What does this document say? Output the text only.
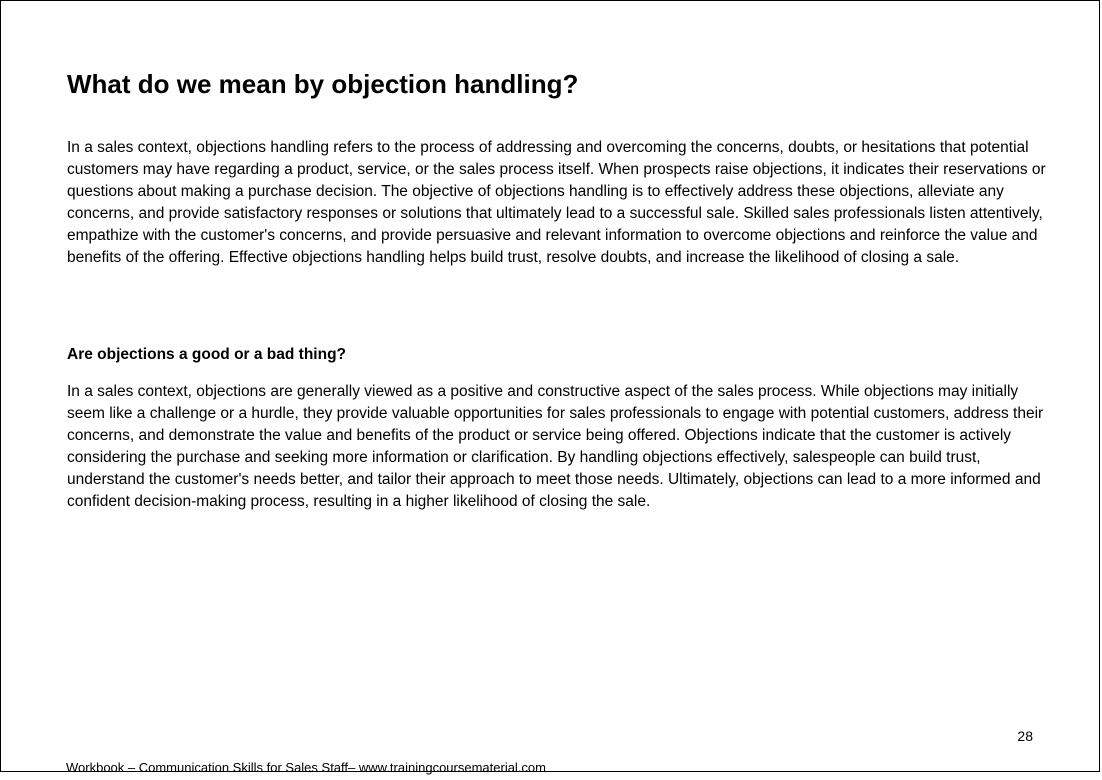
What do we mean by objection handling?

In a sales context, objections handling refers to the process of addressing and overcoming the concerns, doubts, or hesitations that potential customers may have regarding a product, service, or the sales process itself. When prospects raise objections, it indicates their reservations or questions about making a purchase decision. The objective of objections handling is to effectively address these objections, alleviate any concerns, and provide satisfactory responses or solutions that ultimately lead to a successful sale. Skilled sales professionals listen attentively, empathize with the customer's concerns, and provide persuasive and relevant information to overcome objections and reinforce the value and benefits of the offering. Effective objections handling helps build trust, resolve doubts, and increase the likelihood of closing a sale.

Are objections a good or a bad thing?

In a sales context, objections are generally viewed as a positive and constructive aspect of the sales process. While objections may initially seem like a challenge or a hurdle, they provide valuable opportunities for sales professionals to engage with potential customers, address their concerns, and demonstrate the value and benefits of the product or service being offered. Objections indicate that the customer is actively considering the purchase and seeking more information or clarification. By handling objections effectively, salespeople can build trust, understand the customer's needs better, and tailor their approach to meet those needs. Ultimately, objections can lead to a more informed and confident decision-making process, resulting in a higher likelihood of closing the sale.

28
Workbook – Communication Skills for Sales Staff– www.trainingcoursematerial.com
